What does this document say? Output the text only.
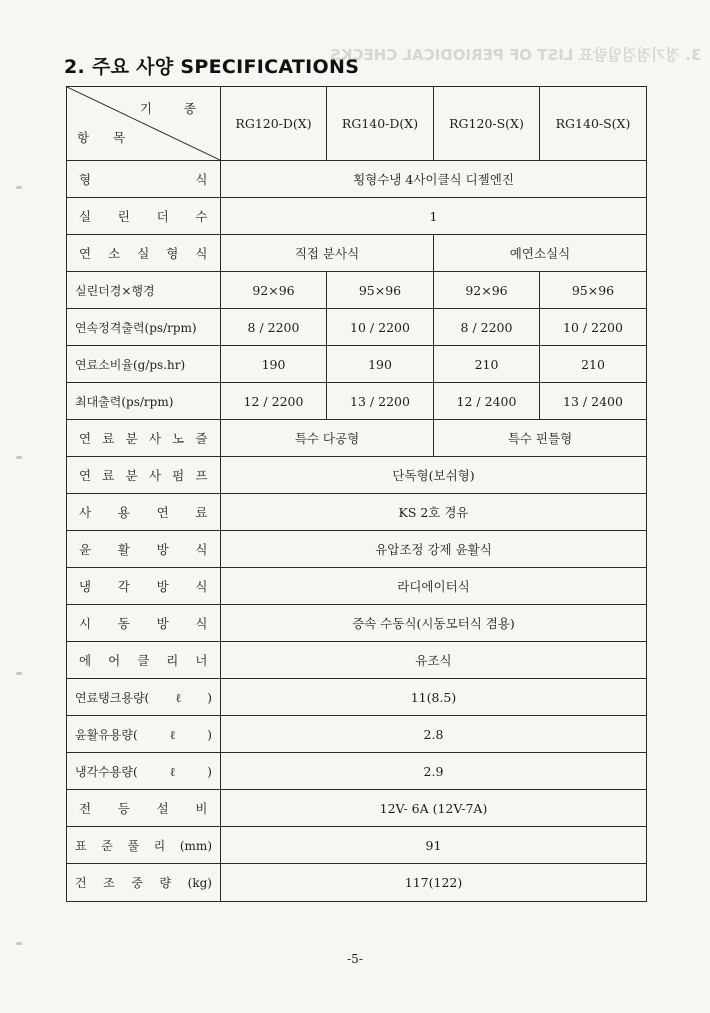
3. 정기점검일람표 LIST OF PERIODICAL CHECKS
2. 주요 사양 SPECIFICATIONS
기 종
항 목	RG120-D(X)	RG140-D(X)	RG120-S(X)	RG140-S(X)
형 식	횡형수냉 4사이클식 디젤엔진			
실 린 더 수	1			
연 소 실 형 식	직접 분사식		예연소실식	
실린더경×행경	92×96	95×96	92×96	95×96
연속정격출력(ps/rpm)	8 / 2200	10 / 2200	8 / 2200	10 / 2200
연료소비율(g/ps.hr)	190	190	210	210
최대출력(ps/rpm)	12 / 2200	13 / 2200	12 / 2400	13 / 2400
연 료 분 사 노 즐	특수 다공형		특수 핀틀형	
연 료 분 사 펌 프	단독형(보쉬형)			
사 용 연 료	KS 2호 경유			
윤 활 방 식	유압조정 강제 윤활식			
냉 각 방 식	라디에이터식			
시 동 방 식	증속 수동식(시동모터식 겸용)			
에 어 클 리 너	유조식			
연료탱크용량(ℓ)	11(8.5)			
윤활유용량(ℓ)	2.8			
냉각수용량(ℓ)	2.9			
전 등 설 비	12V- 6A (12V-7A)			
표 준 풀 리 (mm)	91			
건 조 중 량 (kg)	117(122)			
-5-
